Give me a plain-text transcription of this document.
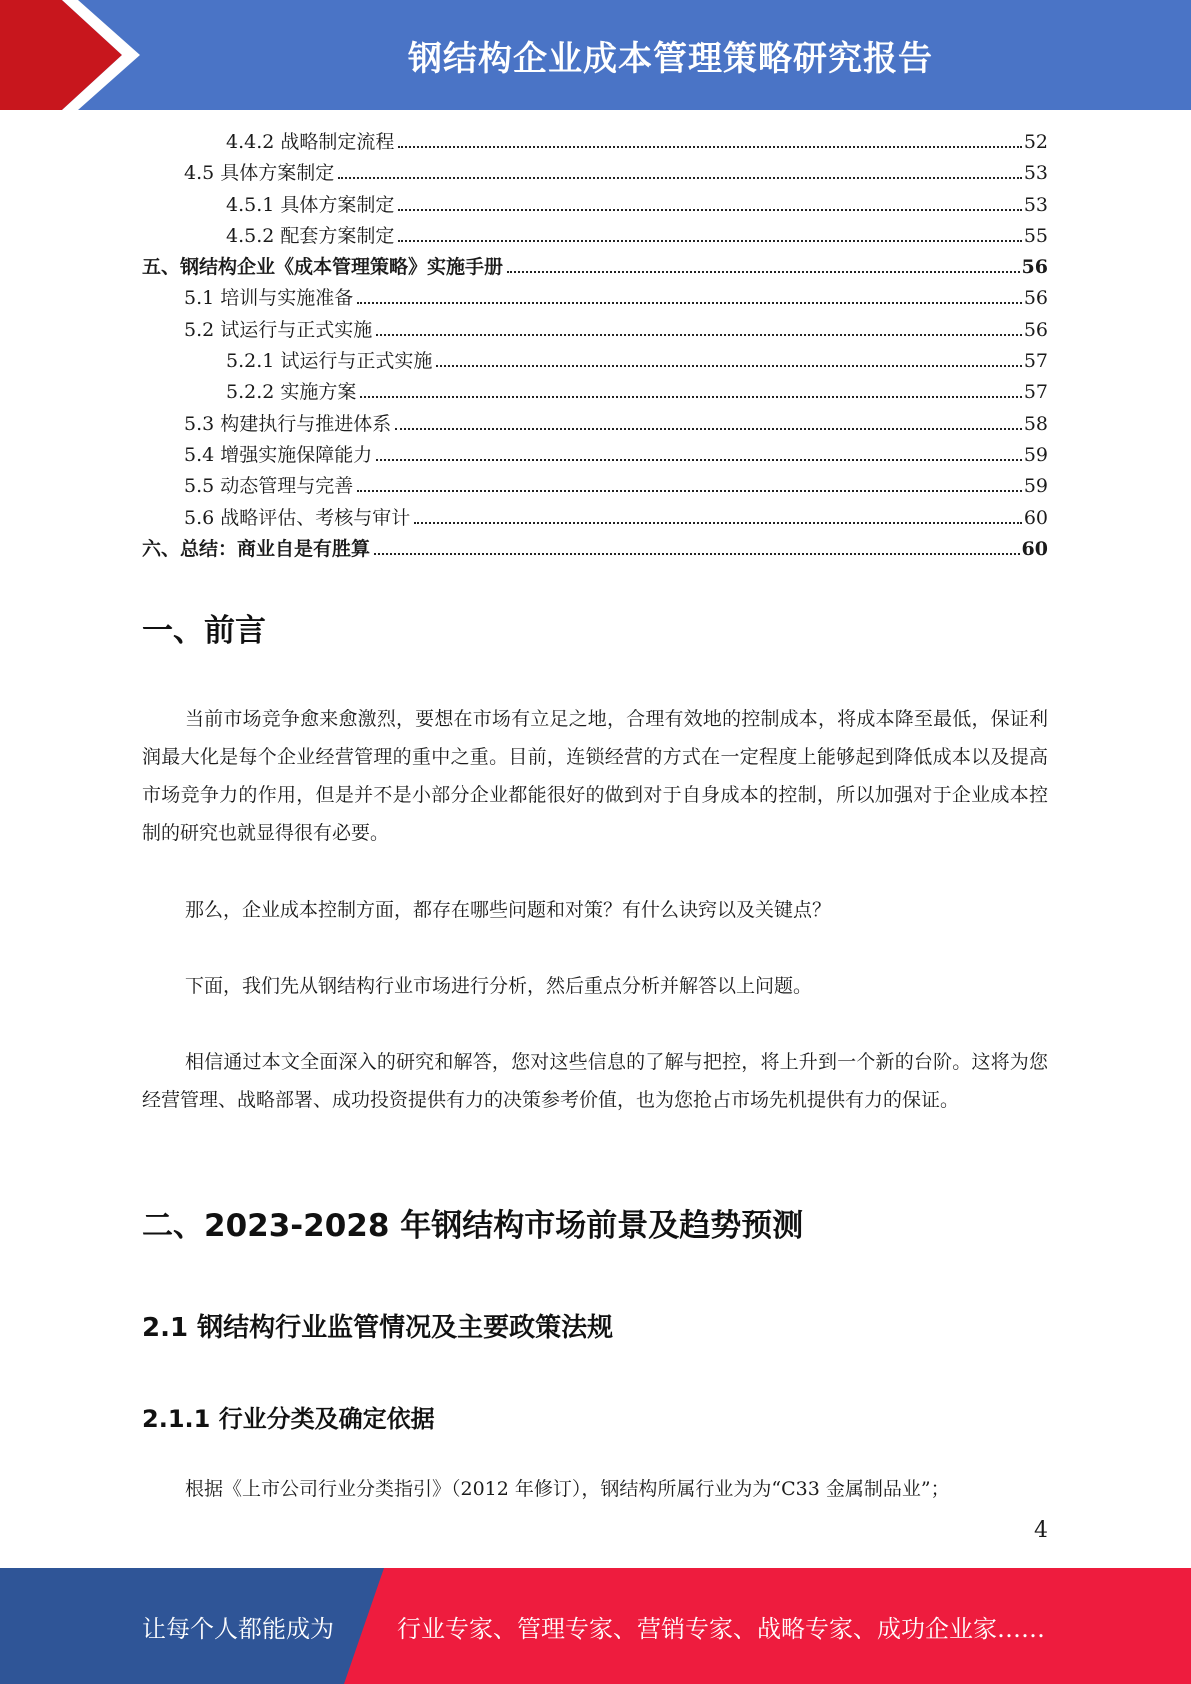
钢结构企业成本管理策略研究报告
4.4.2 战略制定流程	52
4.5 具体方案制定	53
4.5.1 具体方案制定	53
4.5.2 配套方案制定	55
五、钢结构企业《成本管理策略》实施手册	56
5.1 培训与实施准备	56
5.2 试运行与正式实施	56
5.2.1 试运行与正式实施	57
5.2.2 实施方案	57
5.3 构建执行与推进体系	58
5.4 增强实施保障能力	59
5.5 动态管理与完善	59
5.6 战略评估、考核与审计	60
六、总结：商业自是有胜算	60
一、前言

当前市场竞争愈来愈激烈，要想在市场有立足之地，合理有效地的控制成本，将成本降至最低，保证利润最大化是每个企业经营管理的重中之重。目前，连锁经营的方式在一定程度上能够起到降低成本以及提高市场竞争力的作用，但是并不是小部分企业都能很好的做到对于自身成本的控制，所以加强对于企业成本控制的研究也就显得很有必要。

那么，企业成本控制方面，都存在哪些问题和对策？有什么诀窍以及关键点？

下面，我们先从钢结构行业市场进行分析，然后重点分析并解答以上问题。

相信通过本文全面深入的研究和解答，您对这些信息的了解与把控，将上升到一个新的台阶。这将为您经营管理、战略部署、成功投资提供有力的决策参考价值，也为您抢占市场先机提供有力的保证。

二、2023-2028 年钢结构市场前景及趋势预测
2.1 钢结构行业监管情况及主要政策法规
2.1.1 行业分类及确定依据

根据《上市公司行业分类指引》（2012 年修订），钢结构所属行业为为“C33 金属制品业”；

4
让每个人都能成为	行业专家、管理专家、营销专家、战略专家、成功企业家……
